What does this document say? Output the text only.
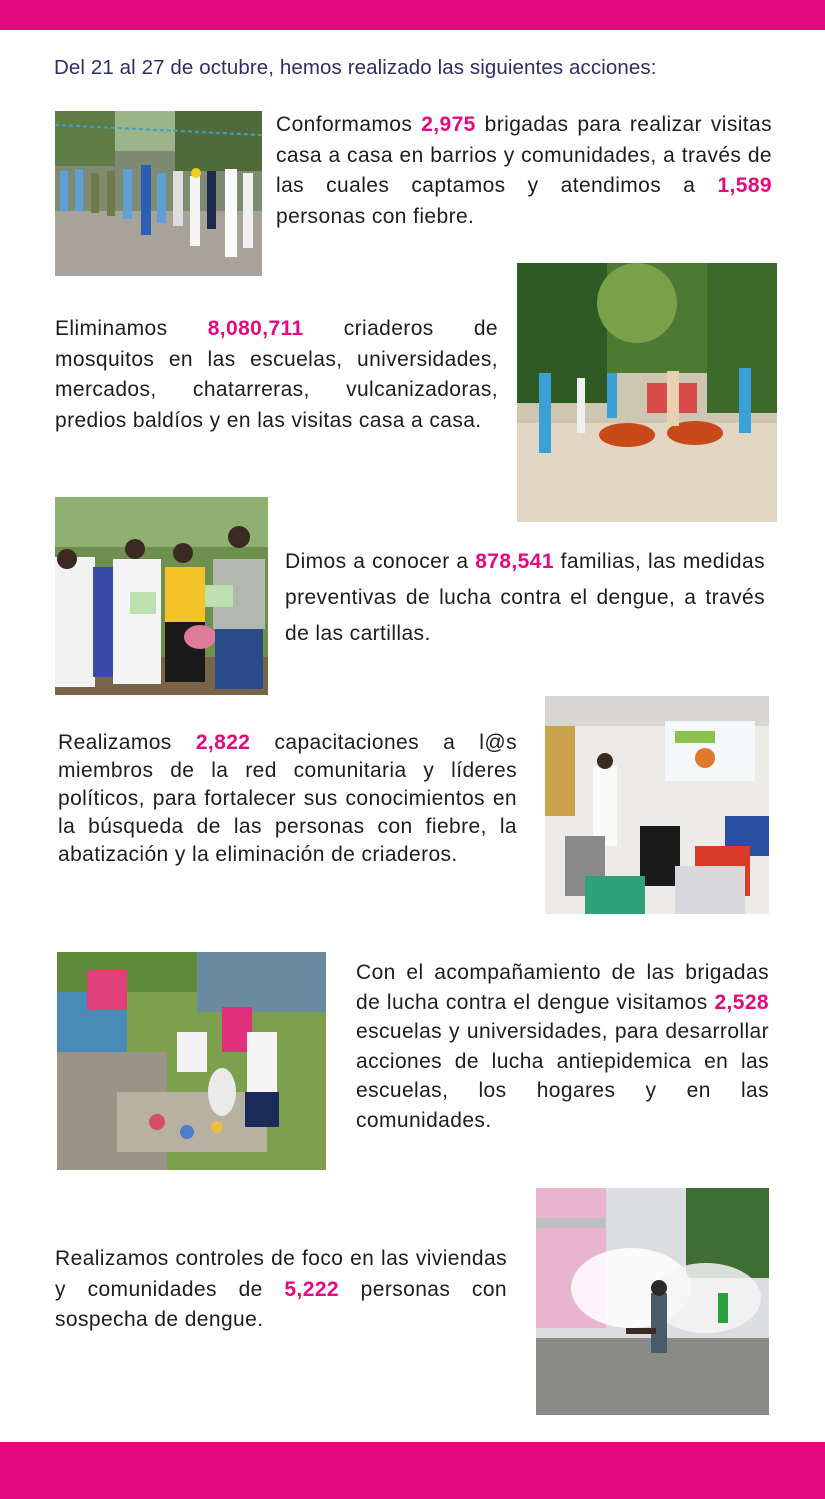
Del 21 al 27 de octubre, hemos realizado las siguientes acciones:
Conformamos 2,975 brigadas para realizar visitas casa a casa en barrios y comunidades, a través de las cuales captamos y atendimos a 1,589 personas con fiebre.
Eliminamos 8,080,711 criaderos de mosquitos en las escuelas, universidades, mercados, chatarreras, vulcanizadoras, predios baldíos y en las visitas casa a casa.
Dimos a conocer a 878,541 familias, las medidas preventivas de lucha contra el dengue, a través de las cartillas.
Realizamos 2,822 capacitaciones a l@s miembros de la red comunitaria y líderes políticos, para fortalecer sus conocimientos en la búsqueda de las personas con fiebre, la abatización y la eliminación de criaderos.
Con el acompañamiento de las brigadas de lucha contra el dengue visitamos 2,528 escuelas y universidades, para desarrollar acciones de lucha antiepidemica en las escuelas, los hogares y en las comunidades.
Realizamos controles de foco en las viviendas y comunidades de 5,222 personas con sospecha de dengue.
